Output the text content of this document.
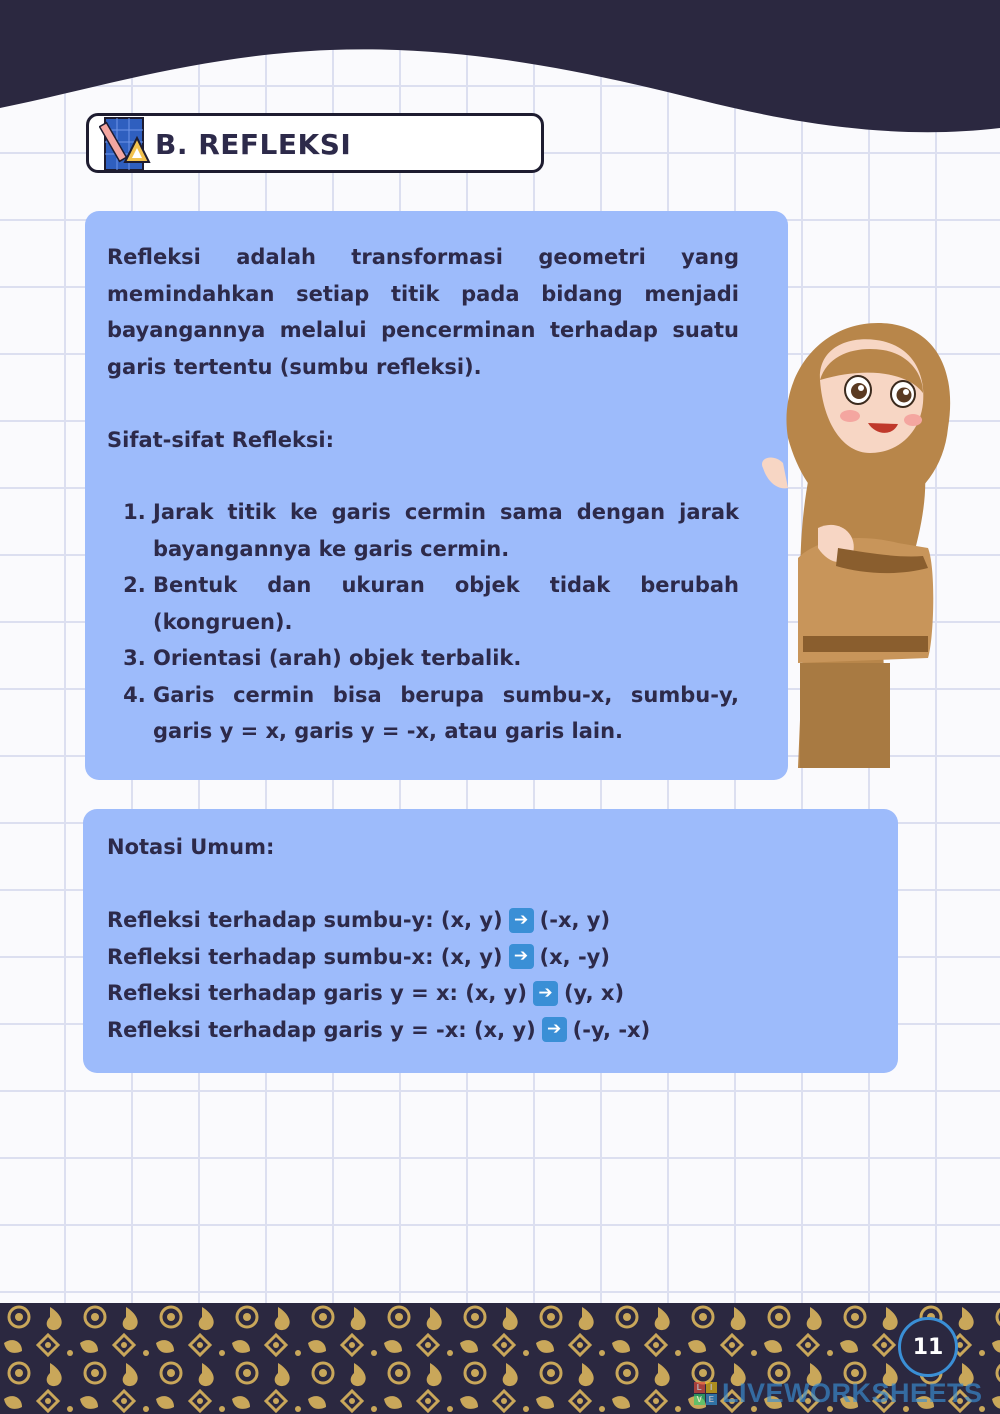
B. REFLEKSI
Refleksi adalah transformasi geometri yang memindahkan setiap titik pada bidang menjadi bayangannya melalui pencerminan terhadap suatu garis tertentu (sumbu refleksi).
Sifat-sifat Refleksi:
1. Jarak titik ke garis cermin sama dengan jarak bayangannya ke garis cermin.
2. Bentuk dan ukuran objek tidak berubah (kongruen).
3. Orientasi (arah) objek terbalik.
4. Garis cermin bisa berupa sumbu-x, sumbu-y, garis y = x, garis y = -x, atau garis lain.
Notasi Umum:
Refleksi terhadap sumbu-y: (x, y) ➔ (-x, y)
Refleksi terhadap sumbu-x: (x, y) ➔ (x, -y)
Refleksi terhadap garis y = x: (x, y) ➔ (y, x)
Refleksi terhadap garis y = -x: (x, y) ➔ (-y, -x)
11
L I
V E LIVEWORKSHEETS
